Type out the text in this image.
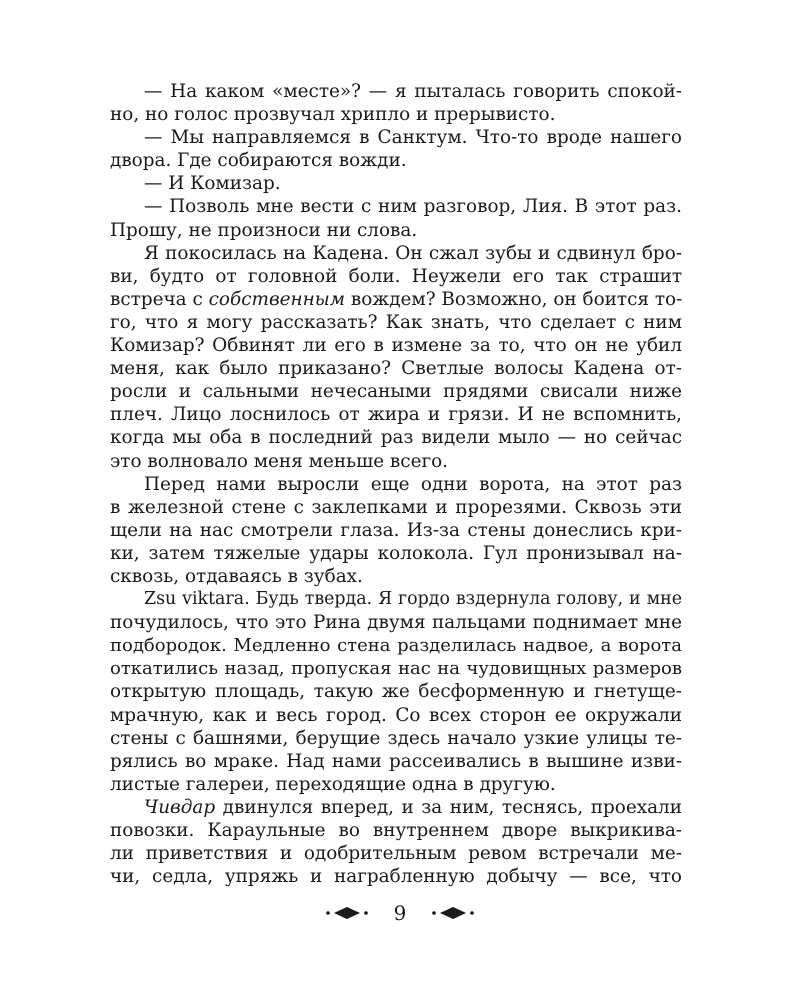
— На каком «месте»? — я пыталась говорить спокой-
но, но голос прозвучал хрипло и прерывисто.
— Мы направляемся в Санктум. Что-то вроде нашего
двора. Где собираются вожди.
— И Комизар.
— Позволь мне вести с ним разговор, Лия. В этот раз.
Прошу, не произноси ни слова.
Я покосилась на Кадена. Он сжал зубы и сдвинул бро-
ви, будто от головной боли. Неужели его так страшит
встреча с собственным вождем? Возможно, он боится то-
го, что я могу рассказать? Как знать, что сделает с ним
Комизар? Обвинят ли его в измене за то, что он не убил
меня, как было приказано? Светлые волосы Кадена от-
росли и сальными нечесаными прядями свисали ниже
плеч. Лицо лоснилось от жира и грязи. И не вспомнить,
когда мы оба в последний раз видели мыло — но сейчас
это волновало меня меньше всего.
Перед нами выросли еще одни ворота, на этот раз
в железной стене с заклепками и прорезями. Сквозь эти
щели на нас смотрели глаза. Из-за стены донеслись кри-
ки, затем тяжелые удары колокола. Гул пронизывал на-
сквозь, отдаваясь в зубах.
Zsu viktara. Будь тверда. Я гордо вздернула голову, и мне
почудилось, что это Рина двумя пальцами поднимает мне
подбородок. Медленно стена разделилась надвое, а ворота
откатились назад, пропуская нас на чудовищных размеров
открытую площадь, такую же бесформенную и гнетуще-
мрачную, как и весь город. Со всех сторон ее окружали
стены с башнями, берущие здесь начало узкие улицы те-
рялись во мраке. Над нами рассеивались в вышине изви-
листые галереи, переходящие одна в другую.
Чивдар двинулся вперед, и за ним, теснясь, проехали
повозки. Караульные во внутреннем дворе выкрикива-
ли приветствия и одобрительным ревом встречали ме-
чи, седла, упряжь и награбленную добычу — все, что
9
